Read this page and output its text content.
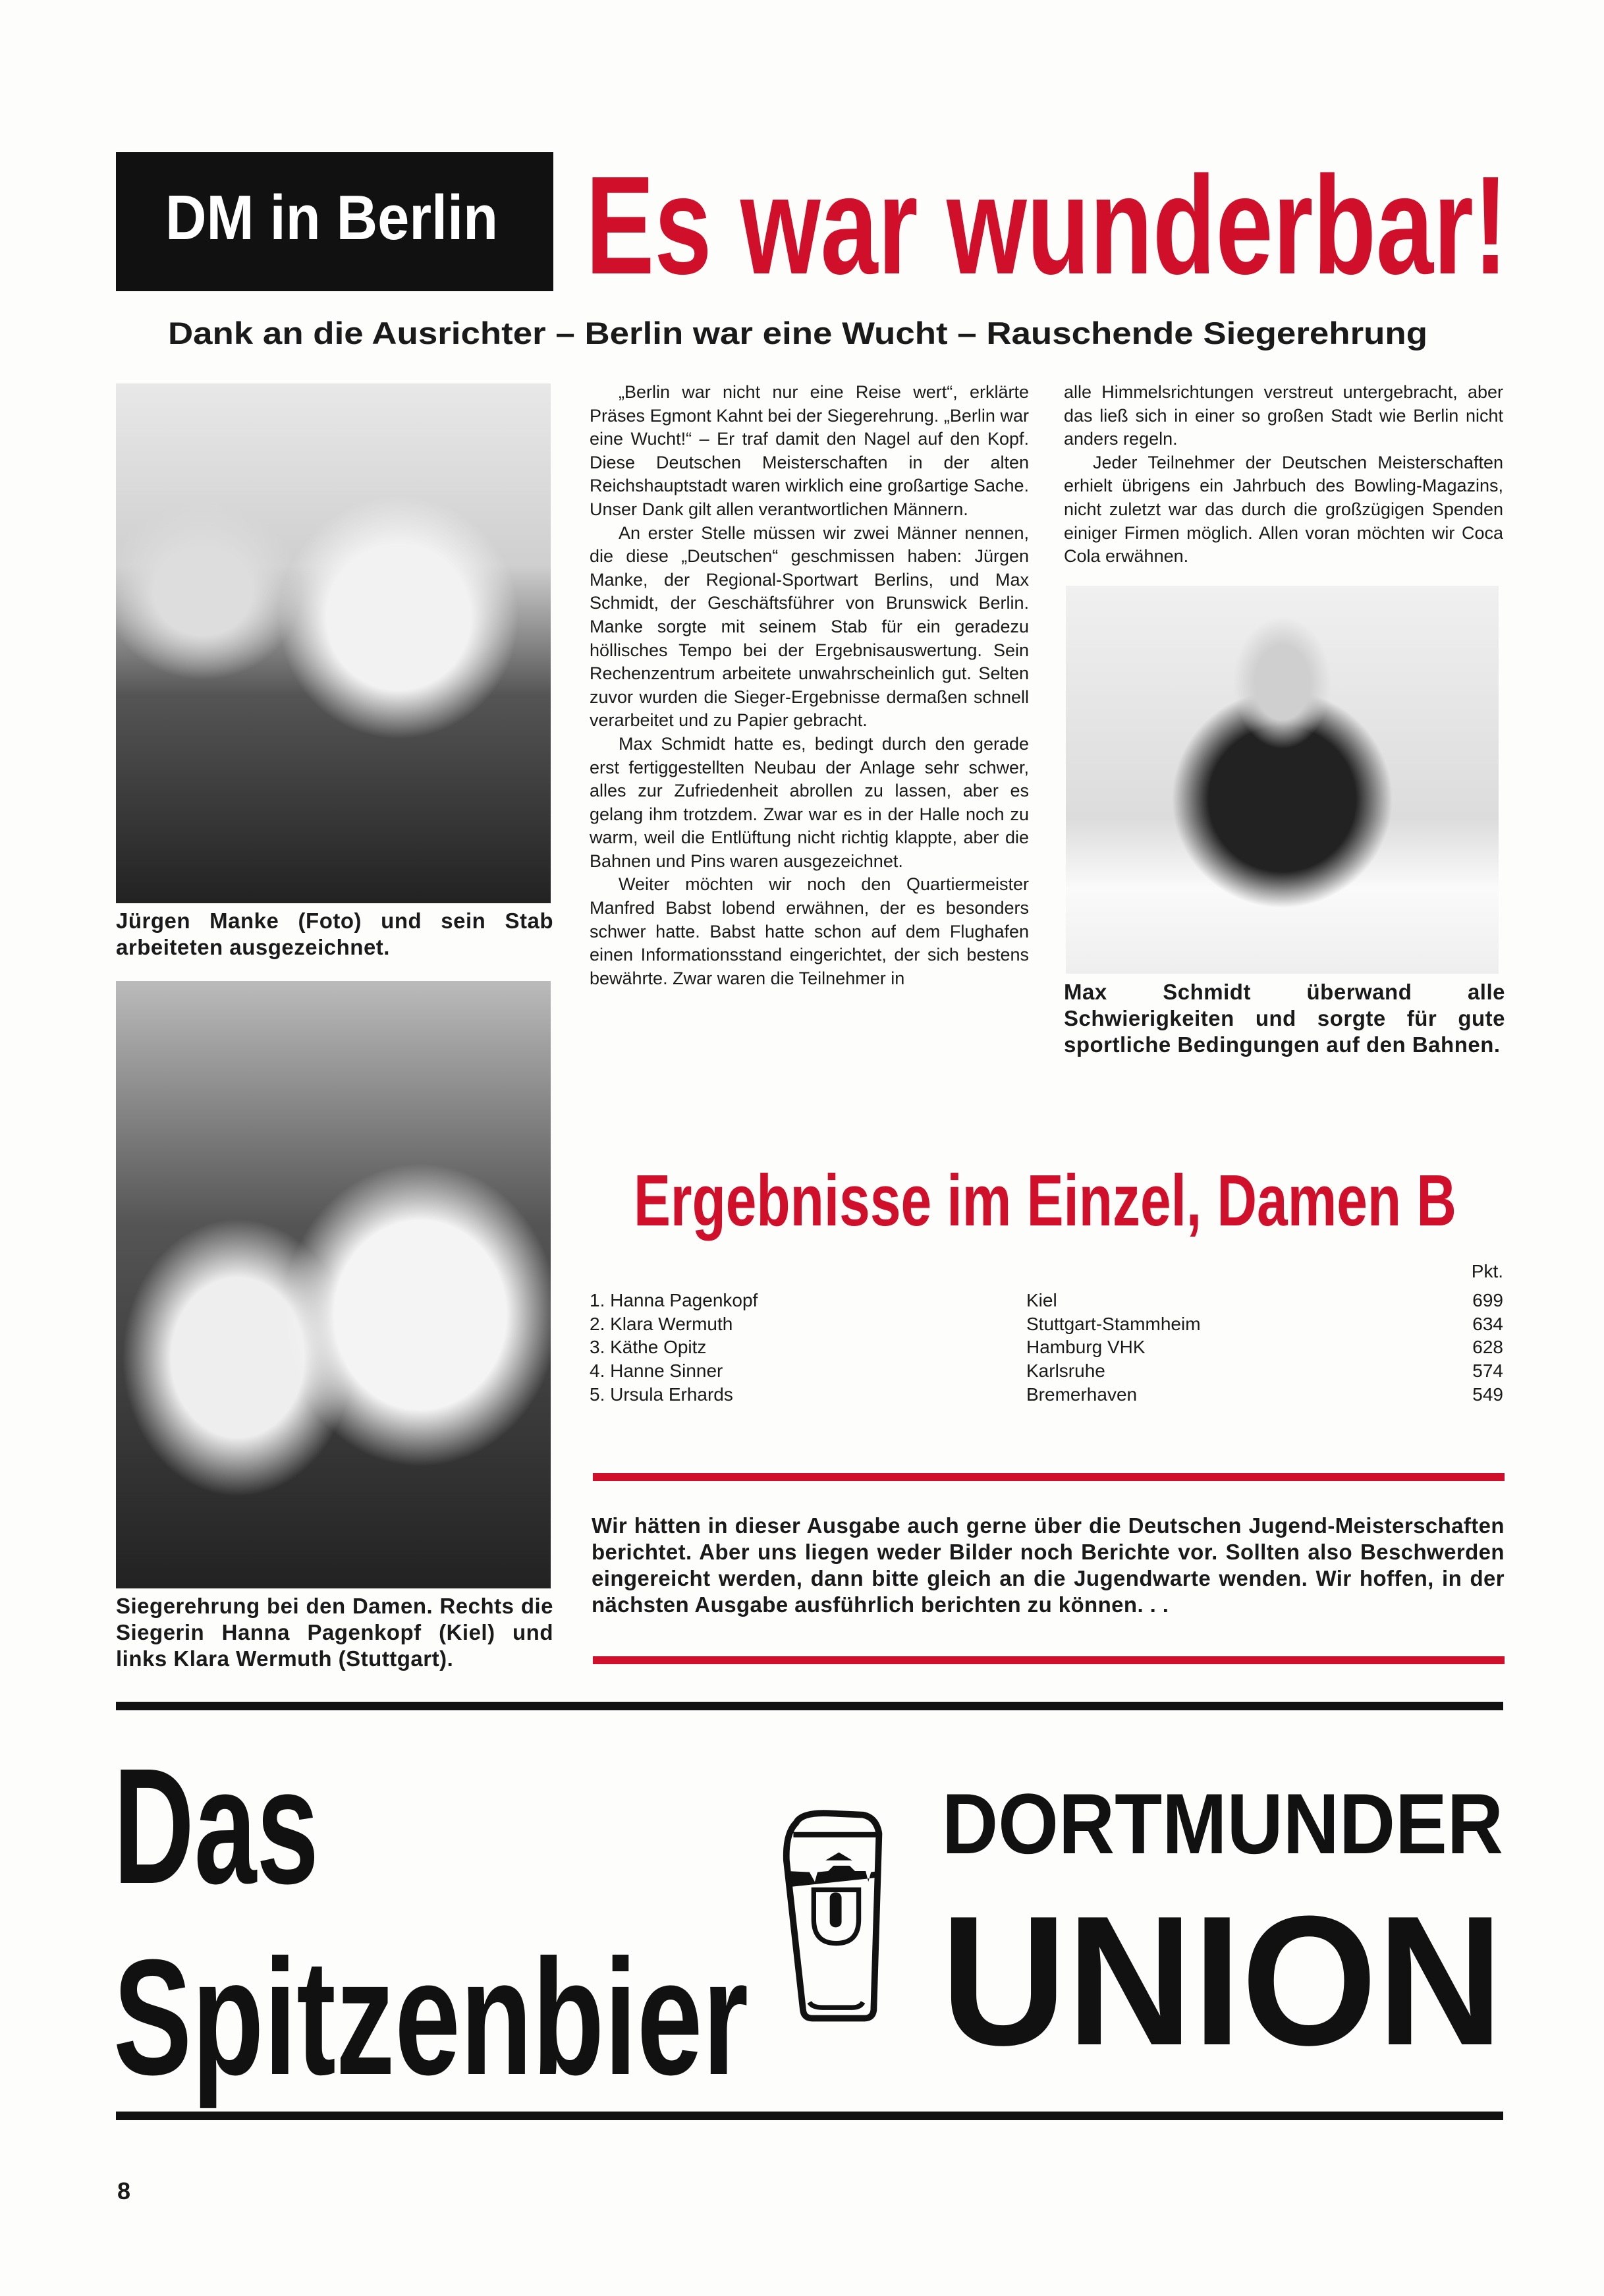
DM in Berlin Es war wunderbar!
Dank an die Ausrichter – Berlin war eine Wucht – Rauschende Siegerehrung
Jürgen Manke (Foto) und sein Stab arbeiteten ausgezeichnet.
Siegerehrung bei den Damen. Rechts die Siegerin Hanna Pagenkopf (Kiel) und links Klara Wermuth (Stuttgart).

„Berlin war nicht nur eine Reise wert“, erklärte Präses Egmont Kahnt bei der Siegerehrung. „Berlin war eine Wucht!“ – Er traf damit den Nagel auf den Kopf. Diese Deutschen Meisterschaften in der alten Reichshauptstadt waren wirklich eine großartige Sache. Unser Dank gilt allen verantwortlichen Männern.

An erster Stelle müssen wir zwei Männer nennen, die diese „Deutschen“ geschmissen haben: Jürgen Manke, der Regional-Sportwart Berlins, und Max Schmidt, der Geschäftsführer von Brunswick Berlin. Manke sorgte mit seinem Stab für ein geradezu höllisches Tempo bei der Ergebnisauswertung. Sein Rechenzentrum arbeitete unwahrscheinlich gut. Selten zuvor wurden die Sieger-Ergebnisse dermaßen schnell verarbeitet und zu Papier gebracht.

Max Schmidt hatte es, bedingt durch den gerade erst fertiggestellten Neubau der Anlage sehr schwer, alles zur Zufriedenheit abrollen zu lassen, aber es gelang ihm trotzdem. Zwar war es in der Halle noch zu warm, weil die Entlüftung nicht richtig klappte, aber die Bahnen und Pins waren ausgezeichnet.

Weiter möchten wir noch den Quartiermeister Manfred Babst lobend erwähnen, der es besonders schwer hatte. Babst hatte schon auf dem Flughafen einen Informationsstand eingerichtet, der sich bestens bewährte. Zwar waren die Teilnehmer in

alle Himmelsrichtungen verstreut untergebracht, aber das ließ sich in einer so großen Stadt wie Berlin nicht anders regeln.

Jeder Teilnehmer der Deutschen Meisterschaften erhielt übrigens ein Jahrbuch des Bowling-Magazins, nicht zuletzt war das durch die großzügigen Spenden einiger Firmen möglich. Allen voran möchten wir Coca Cola erwähnen.

Max Schmidt überwand alle Schwierigkeiten und sorgte für gute sportliche Bedingungen auf den Bahnen.
Ergebnisse im Einzel, Damen B
Pkt.
1. Hanna Pagenkopf	Kiel	699
2. Klara Wermuth	Stuttgart-Stammheim	634
3. Käthe Opitz	Hamburg VHK	628
4. Hanne Sinner	Karlsruhe	574
5. Ursula Erhards	Bremerhaven	549
Wir hätten in dieser Ausgabe auch gerne über die Deutschen Jugend-Meisterschaften berichtet. Aber uns liegen weder Bilder noch Berichte vor. Sollten also Beschwerden eingereicht werden, dann bitte gleich an die Jugendwarte wenden. Wir hoffen, in der nächsten Ausgabe ausführlich berichten zu können. . .
Das
Spitzenbier
DORTMUNDER
UNION
8
